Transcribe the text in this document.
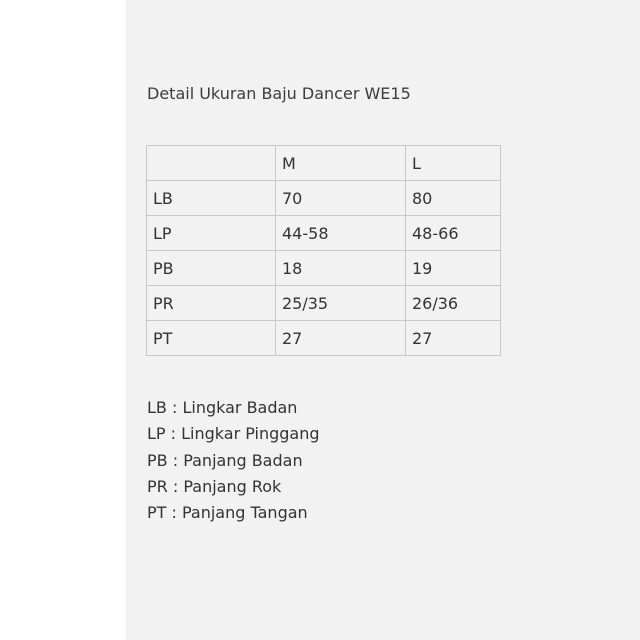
Detail Ukuran Baju Dancer WE15
	M	L
LB	70	80
LP	44-58	48-66
PB	18	19
PR	25/35	26/36
PT	27	27
LB : Lingkar Badan
LP : Lingkar Pinggang
PB : Panjang Badan
PR : Panjang Rok
PT : Panjang Tangan
